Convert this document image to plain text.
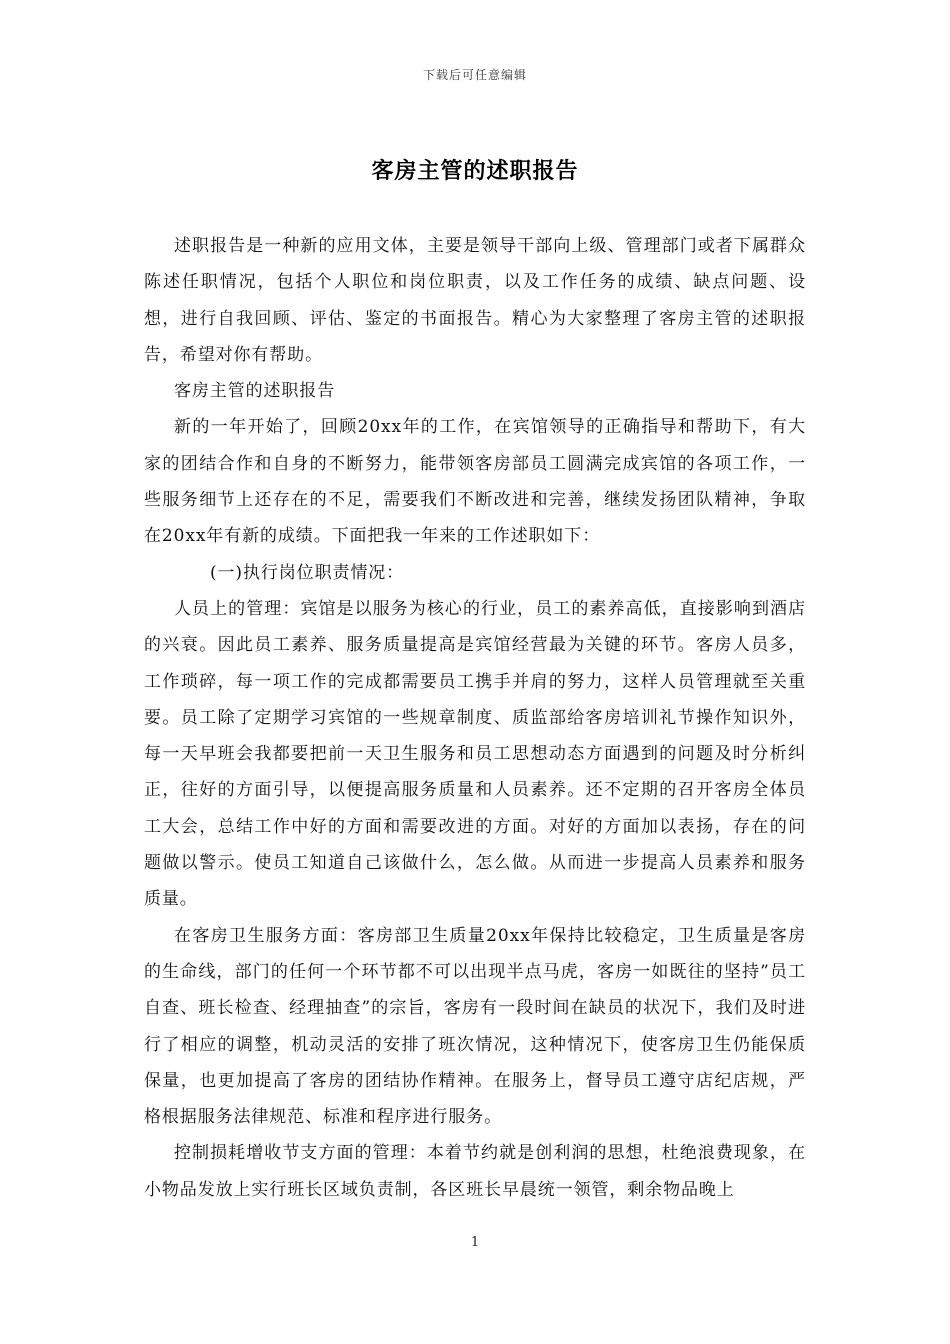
下载后可任意编辑
客房主管的述职报告

述职报告是一种新的应用文体，主要是领导干部向上级、管理部门或者下属群众陈述任职情况，包括个人职位和岗位职责，以及工作任务的成绩、缺点问题、设想，进行自我回顾、评估、鉴定的书面报告。精心为大家整理了客房主管的述职报告，希望对你有帮助。

客房主管的述职报告

新的一年开始了，回顾20xx年的工作，在宾馆领导的正确指导和帮助下，有大家的团结合作和自身的不断努力，能带领客房部员工圆满完成宾馆的各项工作，一些服务细节上还存在的不足，需要我们不断改进和完善，继续发扬团队精神，争取在20xx年有新的成绩。下面把我一年来的工作述职如下：

(一)执行岗位职责情况：

人员上的管理：宾馆是以服务为核心的行业，员工的素养高低，直接影响到酒店的兴衰。因此员工素养、服务质量提高是宾馆经营最为关键的环节。客房人员多，工作琐碎，每一项工作的完成都需要员工携手并肩的努力，这样人员管理就至关重要。员工除了定期学习宾馆的一些规章制度、质监部给客房培训礼节操作知识外，每一天早班会我都要把前一天卫生服务和员工思想动态方面遇到的问题及时分析纠正，往好的方面引导，以便提高服务质量和人员素养。还不定期的召开客房全体员工大会，总结工作中好的方面和需要改进的方面。对好的方面加以表扬，存在的问题做以警示。使员工知道自己该做什么，怎么做。从而进一步提高人员素养和服务质量。

在客房卫生服务方面：客房部卫生质量20xx年保持比较稳定，卫生质量是客房的生命线，部门的任何一个环节都不可以出现半点马虎，客房一如既往的坚持”员工自查、班长检查、经理抽查”的宗旨，客房有一段时间在缺员的状况下，我们及时进行了相应的调整，机动灵活的安排了班次情况，这种情况下，使客房卫生仍能保质保量，也更加提高了客房的团结协作精神。在服务上，督导员工遵守店纪店规，严格根据服务法律规范、标准和程序进行服务。

控制损耗增收节支方面的管理：本着节约就是创利润的思想，杜绝浪费现象，在小物品发放上实行班长区域负责制，各区班长早晨统一领管，剩余物品晚上

1
